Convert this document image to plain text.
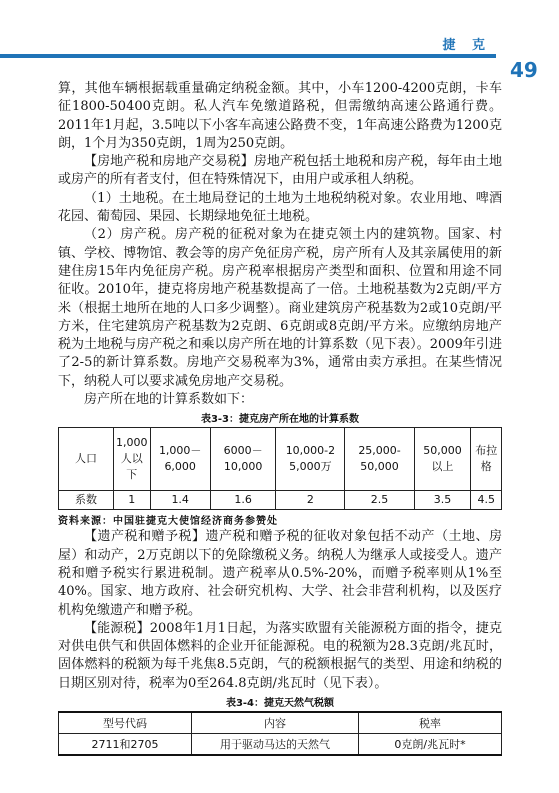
捷 克
49

算，其他车辆根据载重量确定纳税金额。其中，小车1200-4200克朗，卡车征1800-50400克朗。私人汽车免缴道路税，但需缴纳高速公路通行费。2011年1月起，3.5吨以下小客车高速公路费不变，1年高速公路费为1200克朗，1个月为350克朗，1周为250克朗。

【房地产税和房地产交易税】房地产税包括土地税和房产税，每年由土地或房产的所有者支付，但在特殊情况下，由用户或承租人纳税。

（1）土地税。在土地局登记的土地为土地税纳税对象。农业用地、啤酒花园、葡萄园、果园、长期绿地免征土地税。

（2）房产税。房产税的征税对象为在捷克领土内的建筑物。国家、村镇、学校、博物馆、教会等的房产免征房产税，房产所有人及其亲属使用的新建住房15年内免征房产税。房产税率根据房产类型和面积、位置和用途不同征收。2010年，捷克将房地产税基数提高了一倍。土地税基数为2克朗/平方米（根据土地所在地的人口多少调整）。商业建筑房产税基数为2或10克朗/平方米，住宅建筑房产税基数为2克朗、6克朗或8克朗/平方米。应缴纳房地产税为土地税与房产税之和乘以房产所在地的计算系数（见下表）。2009年引进了2-5的新计算系数。房地产交易税率为3%，通常由卖方承担。在某些情况下，纳税人可以要求减免房地产交易税。

房产所在地的计算系数如下：

表3-3：捷克房产所在地的计算系数
人口	1,000 人以下	1,000－ 6,000	6000－ 10,000	10,000-2 5,000万	25,000- 50,000	50,000 以上	布拉格
系数	1	1.4	1.6	2	2.5	3.5	4.5
资料来源：中国驻捷克大使馆经济商务参赞处

【遗产税和赠予税】遗产税和赠予税的征收对象包括不动产（土地、房屋）和动产，2万克朗以下的免除缴税义务。纳税人为继承人或接受人。遗产税和赠予税实行累进税制。遗产税率从0.5%-20%，而赠予税率则从1%至40%。国家、地方政府、社会研究机构、大学、社会非营利机构，以及医疗机构免缴遗产和赠予税。

【能源税】2008年1月1日起，为落实欧盟有关能源税方面的指令，捷克对供电供气和供固体燃料的企业开征能源税。电的税额为28.3克朗/兆瓦时，固体燃料的税额为每千兆焦8.5克朗，气的税额根据气的类型、用途和纳税的日期区别对待，税率为0至264.8克朗/兆瓦时（见下表）。

表3-4：捷克天然气税额
型号代码	内容	税率
2711和2705	用于驱动马达的天然气	0克朗/兆瓦时*
